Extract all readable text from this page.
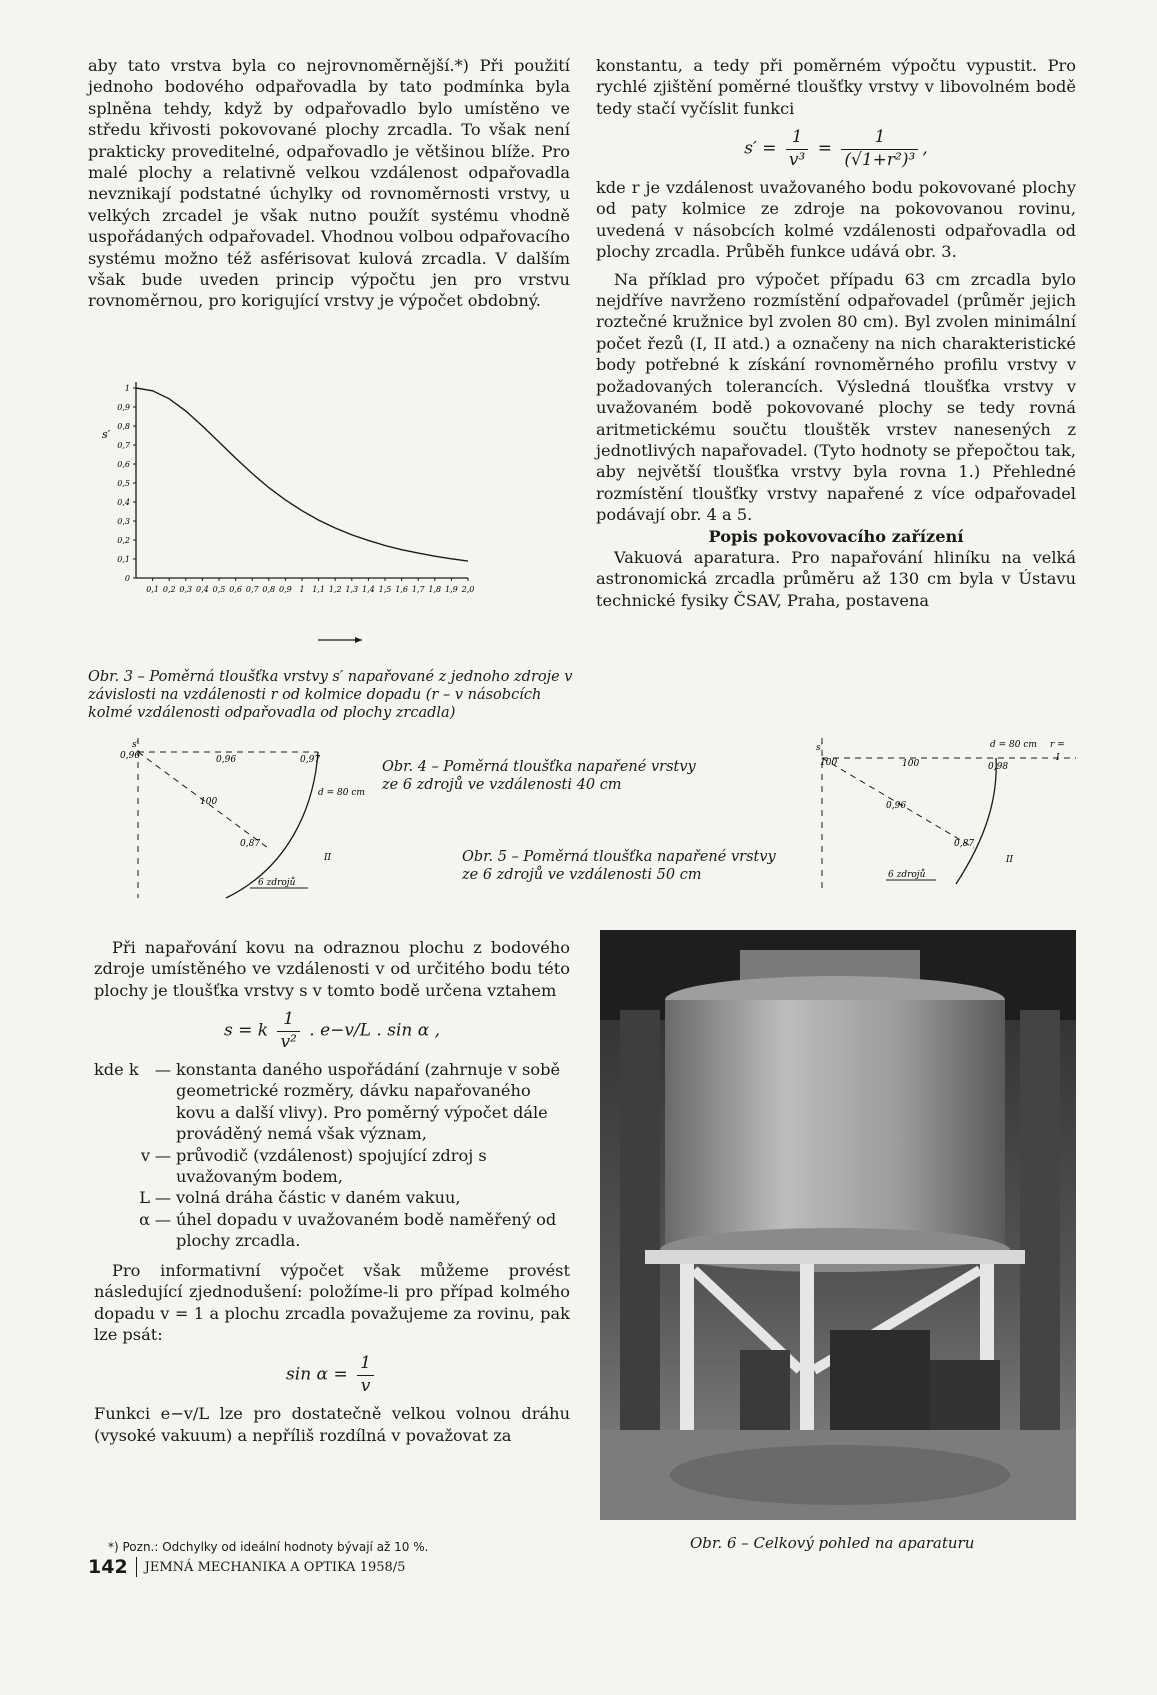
aby tato vrstva byla co nejrovnoměrnější.*) Při použití jednoho bodového odpařovadla by tato podmínka byla splněna tehdy, když by odpařovadlo bylo umístěno ve středu křivosti pokovované plochy zrcadla. To však není prakticky proveditelné, odpařovadlo je většinou blíže. Pro malé plochy a relativně velkou vzdálenost odpařovadla nevznikají podstatné úchylky od rovnoměrnosti vrstvy, u velkých zrcadel je však nutno použít systému vhodně uspořádaných odpařovadel. Vhodnou volbou odpařovacího systému možno též asférisovat kulová zrcadla. V dalším však bude uveden princip výpočtu jen pro vrstvu rovnoměrnou, pro korigující vrstvy je výpočet obdobný.

s′
0
0,1
0,2
0,3
0,4
0,5
0,6
0,7
0,8
0,9
1
0,1 0,2 0,3 0,4 0,5 0,6 0,7 0,8 0,9 1 1,1 1,2 1,3 1,4 1,5 1,6 1,7 1,8 1,9 2,0
Obr. 3 – Poměrná tloušťka vrstvy s′ napařované z jednoho zdroje v závislosti na vzdálenosti r od kolmice dopadu (r – v násobcích kolmé vzdálenosti odpařovadla od plochy zrcadla)

konstantu, a tedy při poměrném výpočtu vypustit. Pro rychlé zjištění poměrné tloušťky vrstvy v libovolném bodě tedy stačí vyčíslit funkci

$s' = \frac{1}{\text{v³}} = \frac{1}{\text{(√1+r²)³}}$ ,

kde r je vzdálenost uvažovaného bodu pokovované plochy od paty kolmice ze zdroje na pokovovanou rovinu, uvedená v násobcích kolmé vzdálenosti odpařovadla od plochy zrcadla. Průběh funkce udává obr. 3.

Na příklad pro výpočet případu 63 cm zrcadla bylo nejdříve navrženo rozmístění odpařovadel (průměr jejich roztečné kružnice byl zvolen 80 cm). Byl zvolen minimální počet řezů (I, II atd.) a označeny na nich charakteristické body potřebné k získání rovnoměrného profilu vrstvy v požadovaných tolerancích. Výsledná tloušťka vrstvy v uvažovaném bodě pokovované plochy se tedy rovná aritmetickému součtu tlouštěk vrstev nanesených z jednotlivých napařovadel. (Tyto hodnoty se přepočtou tak, aby největší tloušťka vrstvy byla rovna 1.) Přehledné rozmístění tloušťky vrstvy napařené z více odpařovadel podávají obr. 4 a 5.

Popis pokovovacího zařízení

Vakuová aparatura. Pro napařování hliníku na velká astronomická zrcadla průměru až 130 cm byla v Ústavu technické fysiky ČSAV, Praha, postavena

s′
0,96	0,96	0,97
100
d = 80 cm
0,87
II
6 zdrojů
Obr. 4 – Poměrná tloušťka napařené vrstvy ze 6 zdrojů ve vzdálenosti 40 cm
Obr. 5 – Poměrná tloušťka napařené vrstvy ze 6 zdrojů ve vzdálenosti 50 cm
s′
100	100
d = 80 cm r =
I
0,98
0,96
0,87
II
6 zdrojů

Při napařování kovu na odraznou plochu z bodového zdroje umístěného ve vzdálenosti v od určitého bodu této plochy je tloušťka vrstvy s v tomto bodě určena vztahem

s = k $\frac{1}{\text{v²}}$ . e−v/L . sin α ,
kde k — konstanta daného uspořádání (zahrnuje v sobě geometrické rozměry, dávku napařovaného kovu a další vlivy). Pro poměrný výpočet dále prováděný nemá však význam,
v — průvodič (vzdálenost) spojující zdroj s uvažovaným bodem,
L — volná dráha částic v daném vakuu,
α — úhel dopadu v uvažovaném bodě naměřený od plochy zrcadla.

Pro informativní výpočet však můžeme provést následující zjednodušení: položíme-li pro případ kolmého dopadu v = 1 a plochu zrcadla považujeme za rovinu, pak lze psát:

$\sin \alpha = \frac{1}{v}$

Funkci e−v/L lze pro dostatečně velkou volnou dráhu (vysoké vakuum) a nepříliš rozdílná v považovat za

Obr. 6 – Celkový pohled na aparaturu
*) Pozn.: Odchylky od ideální hodnoty bývají až 10 %.
142 JEMNÁ MECHANIKA A OPTIKA 1958/5
